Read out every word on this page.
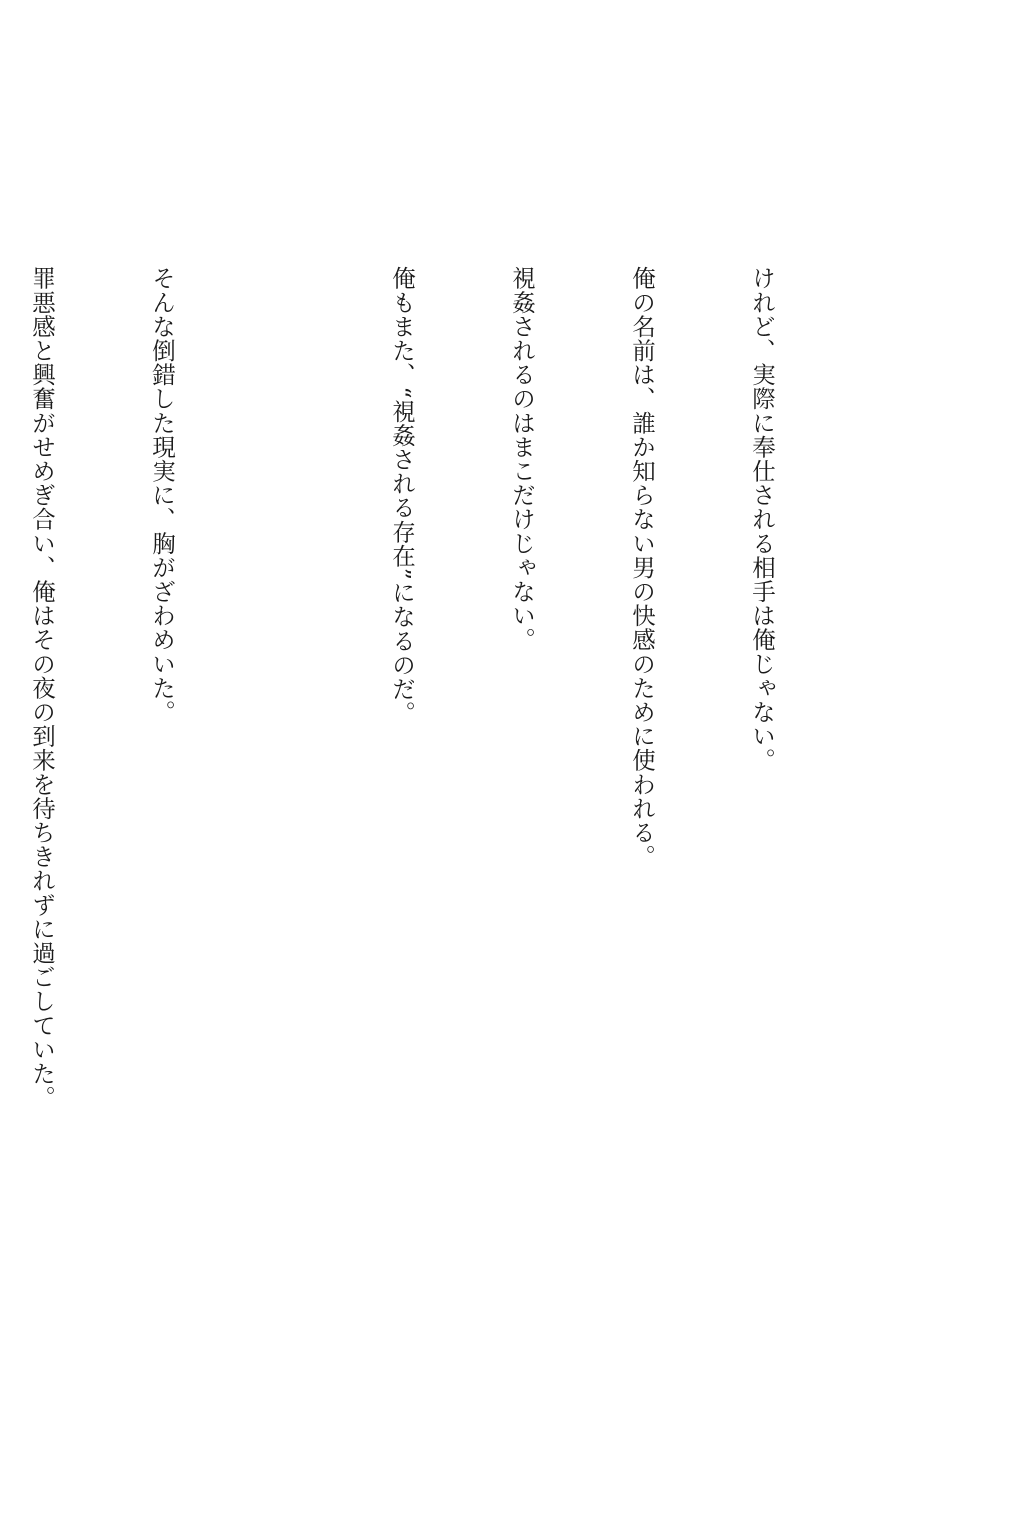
けれど、実際に奉仕される相手は俺じゃない。

俺の名前は、誰か知らない男の快感のために使われる。

視姦されるのはまこだけじゃない。

俺もまた、“視姦される存在”になるのだ。

そんな倒錯した現実に、胸がざわめいた。

罪悪感と興奮がせめぎ合い、俺はその夜の到来を待ちきれずに過ごしていた。
